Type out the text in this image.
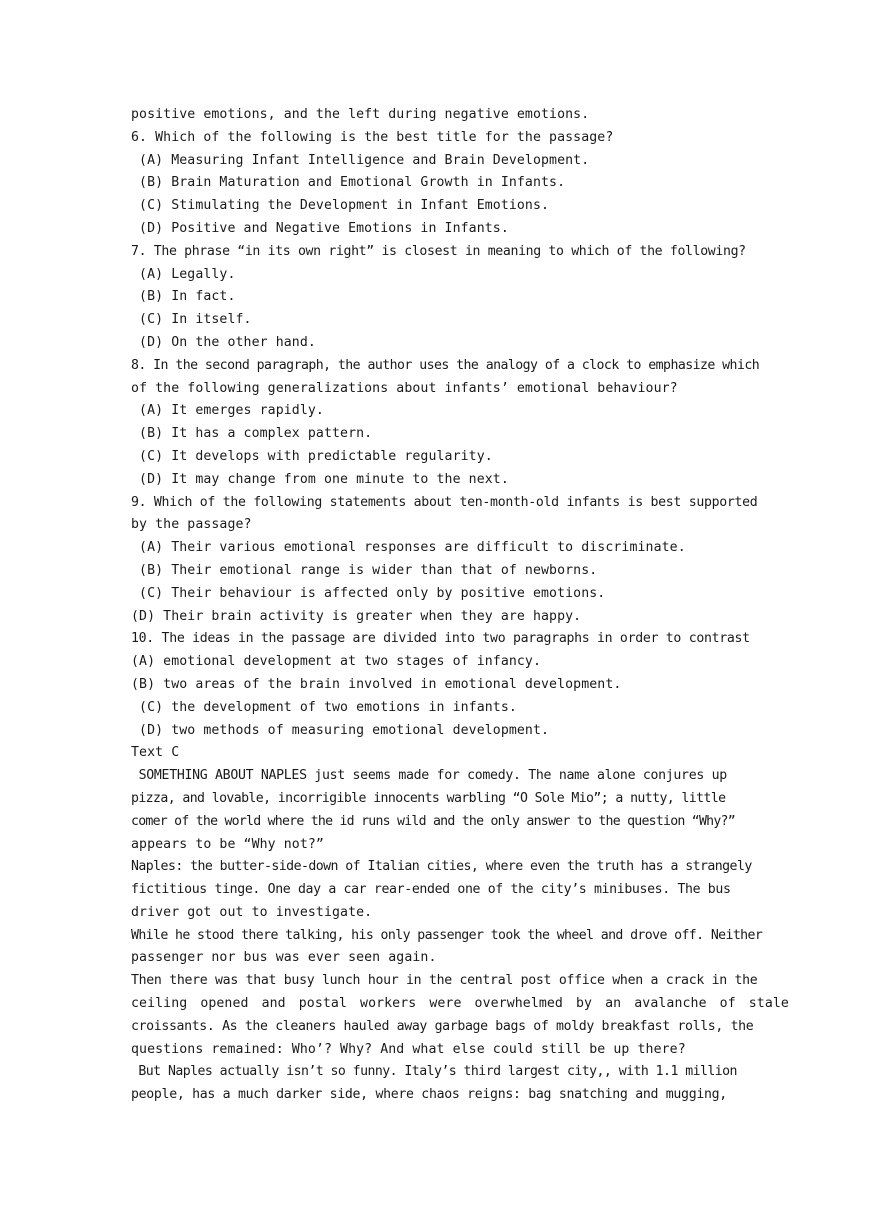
positive emotions, and the left during negative emotions.
6. Which of the following is the best title for the passage?
(A) Measuring Infant Intelligence and Brain Development.
(B) Brain Maturation and Emotional Growth in Infants.
(C) Stimulating the Development in Infant Emotions.
(D) Positive and Negative Emotions in Infants.
7. The phrase “in its own right” is closest in meaning to which of the following?
(A) Legally.
(B) In fact.
(C) In itself.
(D) On the other hand.
8. In the second paragraph, the author uses the analogy of a clock to emphasize which
of the following generalizations about infants’ emotional behaviour?
(A) It emerges rapidly.
(B) It has a complex pattern.
(C) It develops with predictable regularity.
(D) It may change from one minute to the next.
9. Which of the following statements about ten-month-old infants is best supported
by the passage?
(A) Their various emotional responses are difficult to discriminate.
(B) Their emotional range is wider than that of newborns.
(C) Their behaviour is affected only by positive emotions.
(D) Their brain activity is greater when they are happy.
10. The ideas in the passage are divided into two paragraphs in order to contrast
(A) emotional development at two stages of infancy.
(B) two areas of the brain involved in emotional development.
(C) the development of two emotions in infants.
(D) two methods of measuring emotional development.
Text C
SOMETHING ABOUT NAPLES just seems made for comedy. The name alone conjures up
pizza, and lovable, incorrigible innocents warbling “O Sole Mio”; a nutty, little
comer of the world where the id runs wild and the only answer to the question “Why?”
appears to be “Why not?”
Naples: the butter-side-down of Italian cities, where even the truth has a strangely
fictitious tinge. One day a car rear-ended one of the city’s minibuses. The bus
driver got out to investigate.
While he stood there talking, his only passenger took the wheel and drove off. Neither
passenger nor bus was ever seen again.
Then there was that busy lunch hour in the central post office when a crack in the
ceiling opened and postal workers were overwhelmed by an avalanche of stale
croissants. As the cleaners hauled away garbage bags of moldy breakfast rolls, the
questions remained: Who’? Why? And what else could still be up there?
But Naples actually isn’t so funny. Italy’s third largest city,, with 1.1 million
people, has a much darker side, where chaos reigns: bag snatching and mugging,
